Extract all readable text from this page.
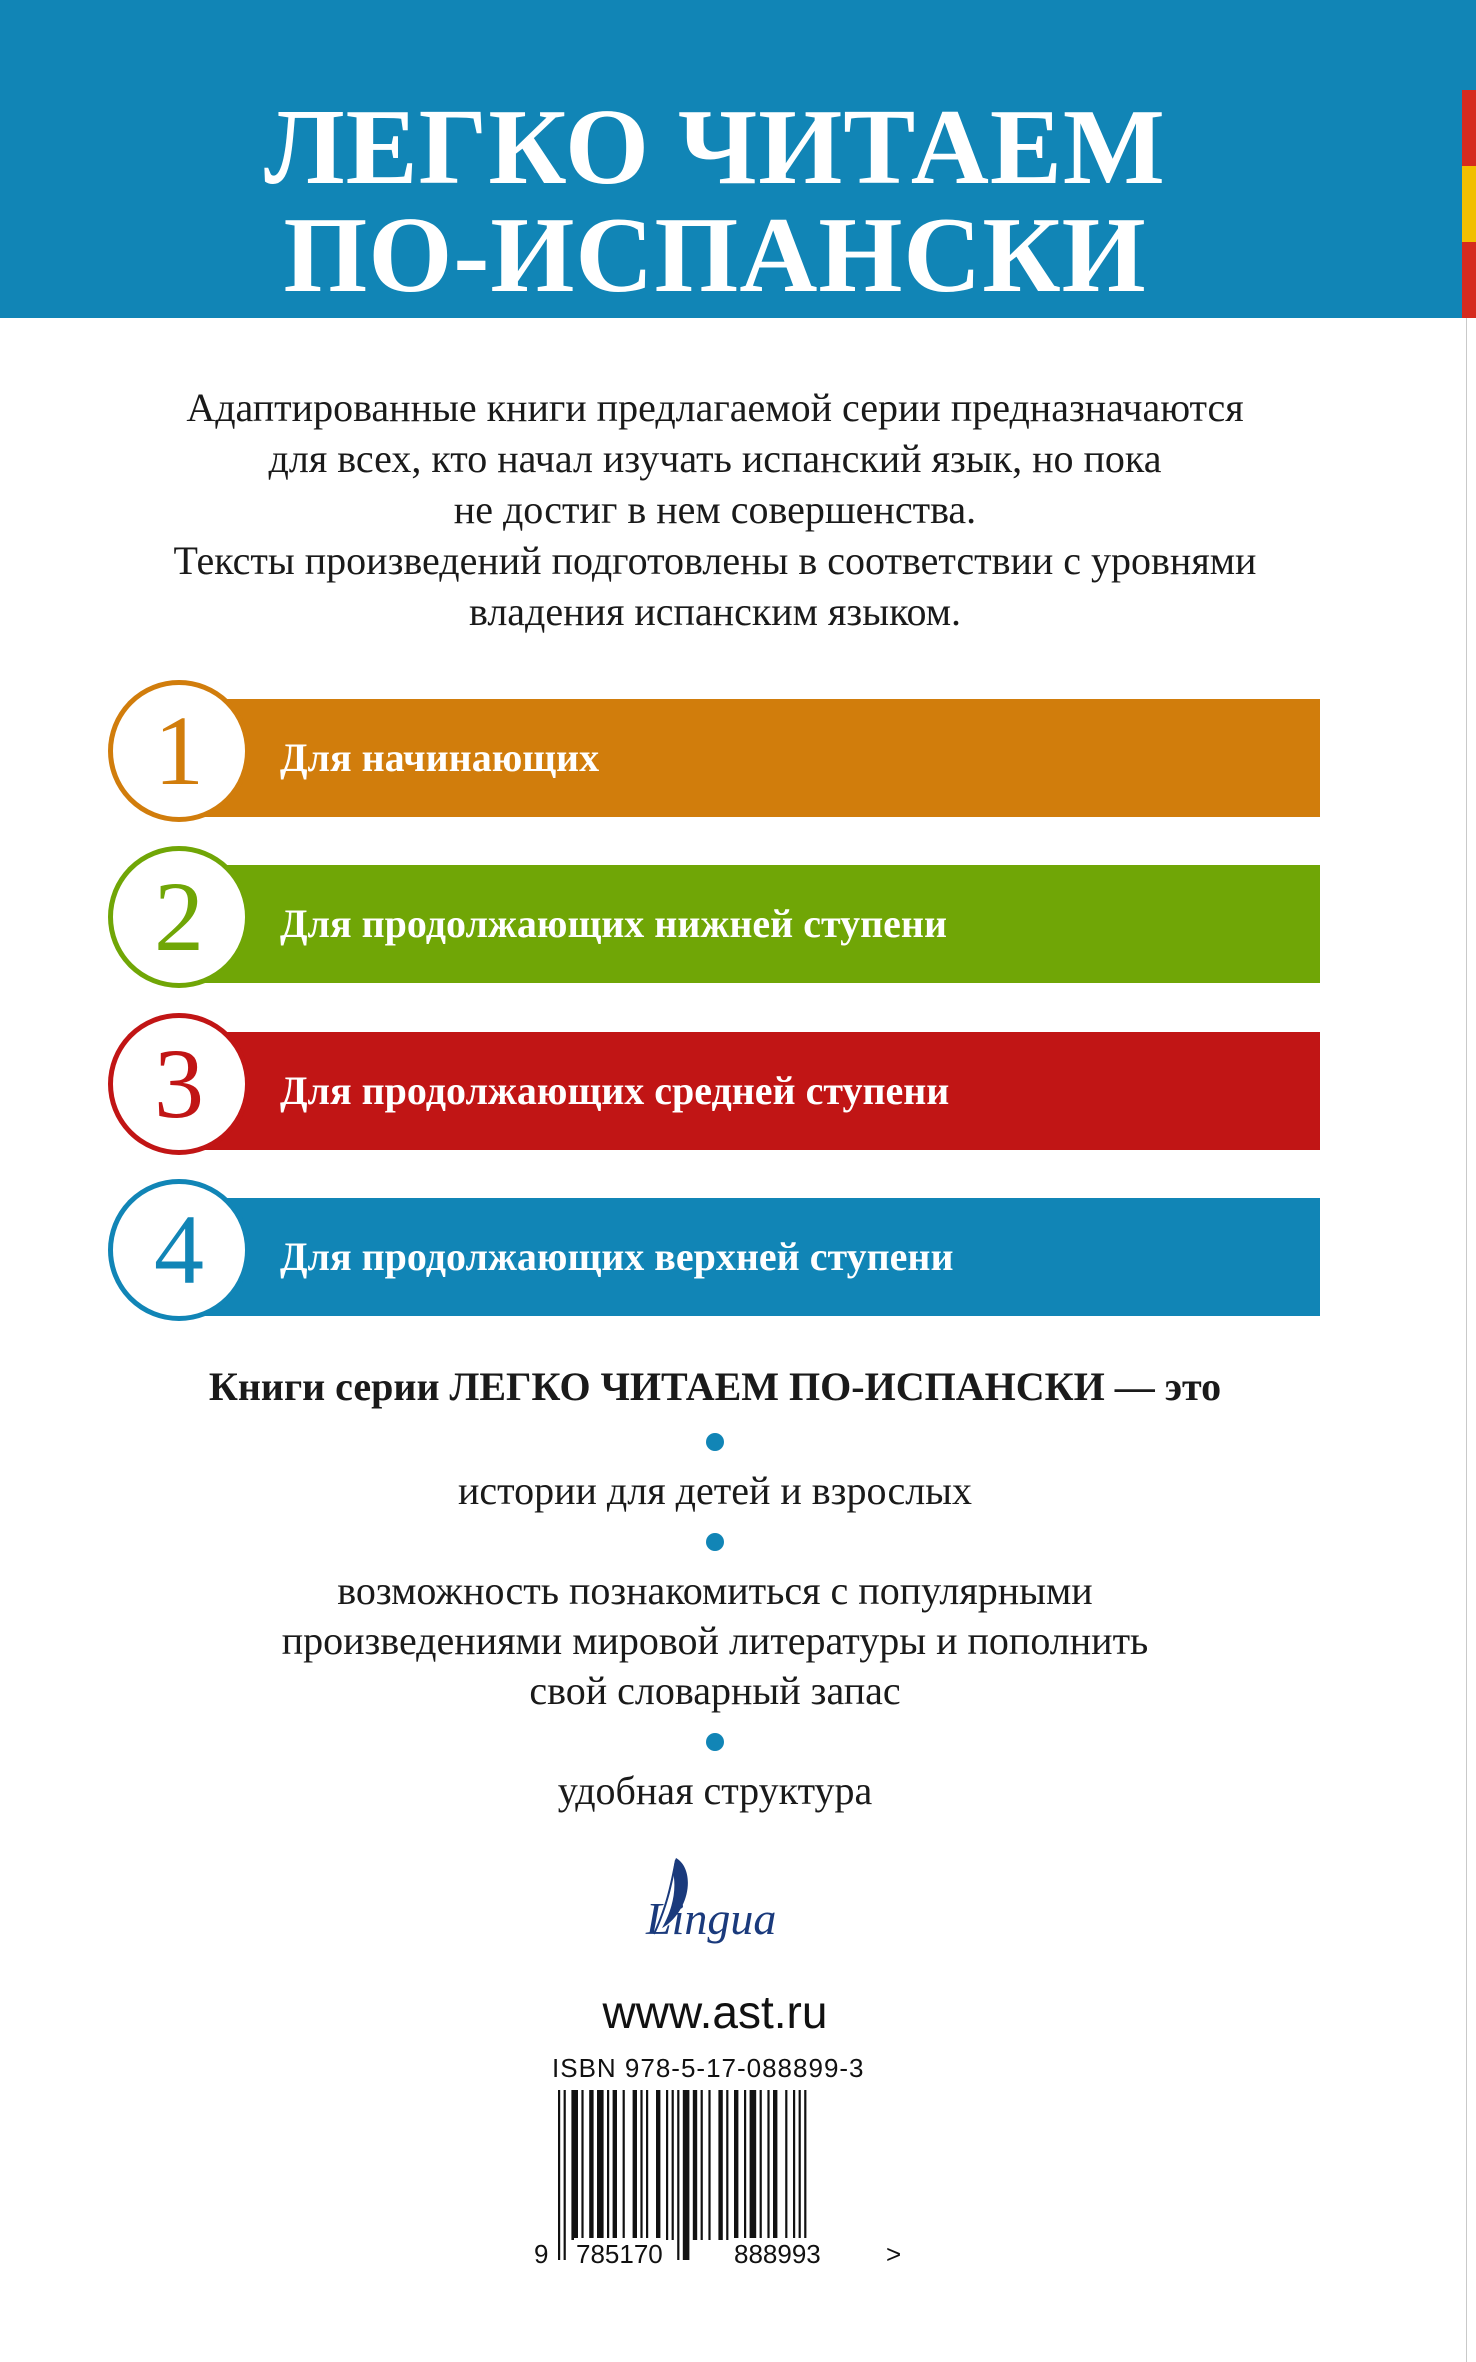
ЛЕГКО ЧИТАЕМ
ПО-ИСПАНСКИ
Адаптированные книги предлагаемой серии предназначаются
для всех, кто начал изучать испанский язык, но пока
не достиг в нем совершенства.
Тексты произведений подготовлены в соответствии с уровнями
владения испанским языком.
1	Для начинающих
2	Для продолжающих нижней ступени
3	Для продолжающих средней ступени
4	Для продолжающих верхней ступени
Книги серии ЛЕГКО ЧИТАЕМ ПО-ИСПАНСКИ — это
истории для детей и взрослых
возможность познакомиться с популярными
произведениями мировой литературы и пополнить
свой словарный запас
удобная структура
Lingua
www.ast.ru
ISBN 978-5-17-088899-3
9 785170	888993	>
